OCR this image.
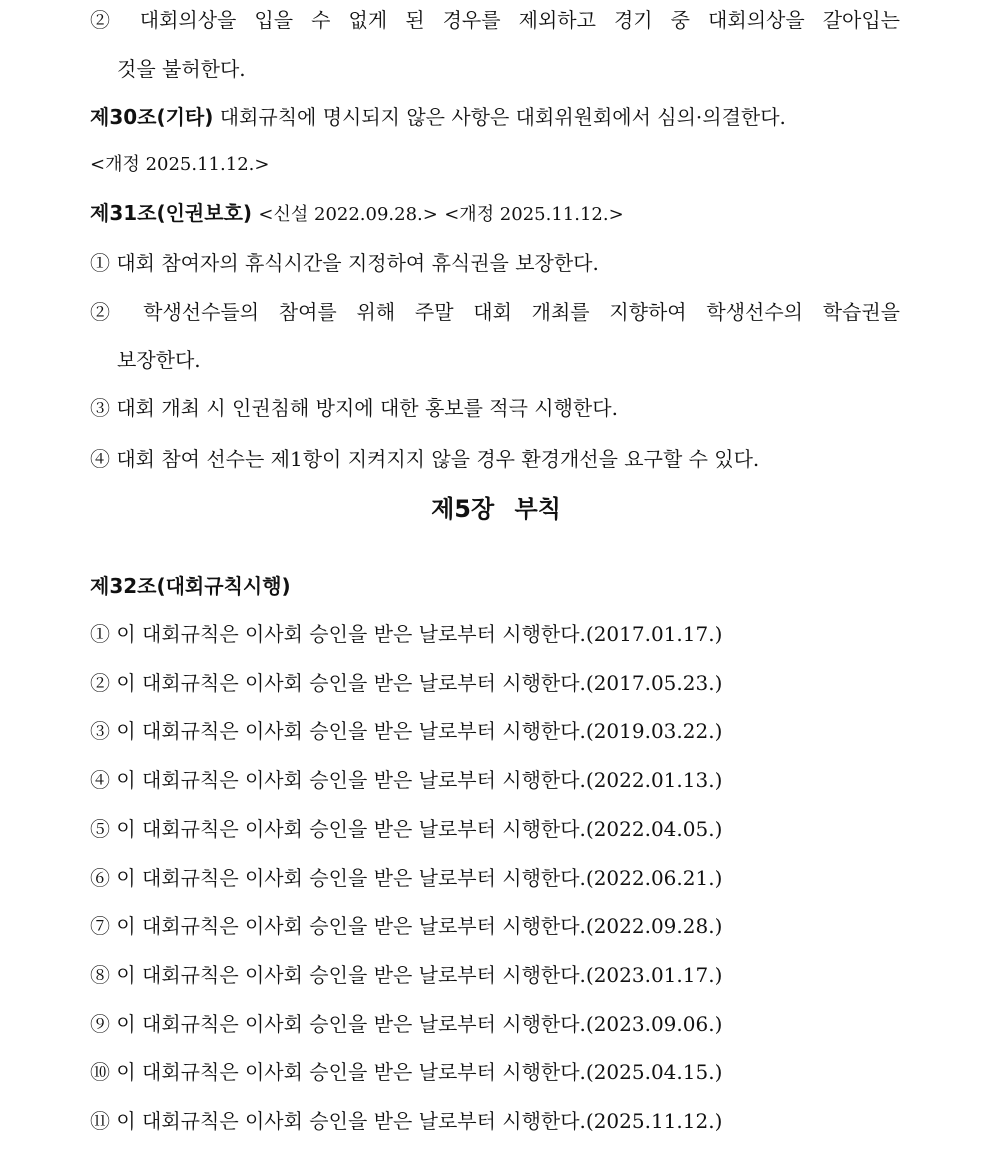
② 대회의상을 입을 수 없게 된 경우를 제외하고 경기 중 대회의상을 갈아입는
것을 불허한다.
제30조(기타) 대회규칙에 명시되지 않은 사항은 대회위원회에서 심의·의결한다.
<개정 2025.11.12.>
제31조(인권보호) <신설 2022.09.28.> <개정 2025.11.12.>
① 대회 참여자의 휴식시간을 지정하여 휴식권을 보장한다.
② 학생선수들의 참여를 위해 주말 대회 개최를 지향하여 학생선수의 학습권을
보장한다.
③ 대회 개최 시 인권침해 방지에 대한 홍보를 적극 시행한다.
④ 대회 참여 선수는 제1항이 지켜지지 않을 경우 환경개선을 요구할 수 있다.
제5장 부칙
제32조(대회규칙시행)
① 이 대회규칙은 이사회 승인을 받은 날로부터 시행한다.(2017.01.17.)
② 이 대회규칙은 이사회 승인을 받은 날로부터 시행한다.(2017.05.23.)
③ 이 대회규칙은 이사회 승인을 받은 날로부터 시행한다.(2019.03.22.)
④ 이 대회규칙은 이사회 승인을 받은 날로부터 시행한다.(2022.01.13.)
⑤ 이 대회규칙은 이사회 승인을 받은 날로부터 시행한다.(2022.04.05.)
⑥ 이 대회규칙은 이사회 승인을 받은 날로부터 시행한다.(2022.06.21.)
⑦ 이 대회규칙은 이사회 승인을 받은 날로부터 시행한다.(2022.09.28.)
⑧ 이 대회규칙은 이사회 승인을 받은 날로부터 시행한다.(2023.01.17.)
⑨ 이 대회규칙은 이사회 승인을 받은 날로부터 시행한다.(2023.09.06.)
⑩ 이 대회규칙은 이사회 승인을 받은 날로부터 시행한다.(2025.04.15.)
⑪ 이 대회규칙은 이사회 승인을 받은 날로부터 시행한다.(2025.11.12.)
